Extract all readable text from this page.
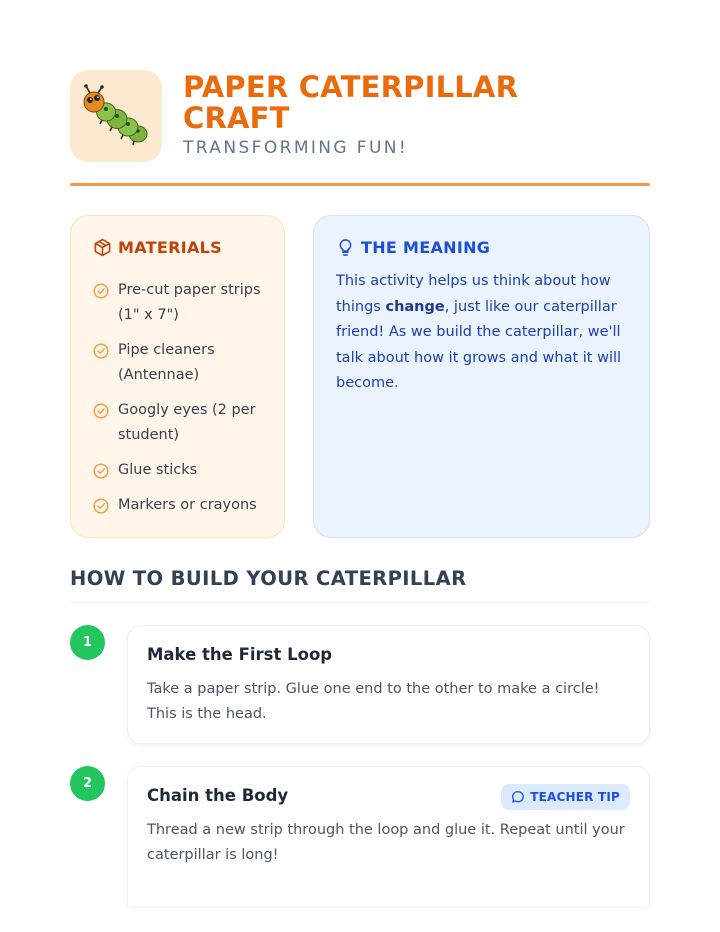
PAPER CATERPILLAR CRAFT
TRANSFORMING FUN!
MATERIALS
Pre-cut paper strips (1" x 7")
Pipe cleaners (Antennae)
Googly eyes (2 per student)
Glue sticks
Markers or crayons
THE MEANING

This activity helps us think about how things change, just like our caterpillar friend! As we build the caterpillar, we'll talk about how it grows and what it will become.

HOW TO BUILD YOUR CATERPILLAR
1
Make the First Loop
Take a paper strip. Glue one end to the other to make a circle! This is the head.
2
Chain the Body	TEACHER TIP
Thread a new strip through the loop and glue it. Repeat until your caterpillar is long!
